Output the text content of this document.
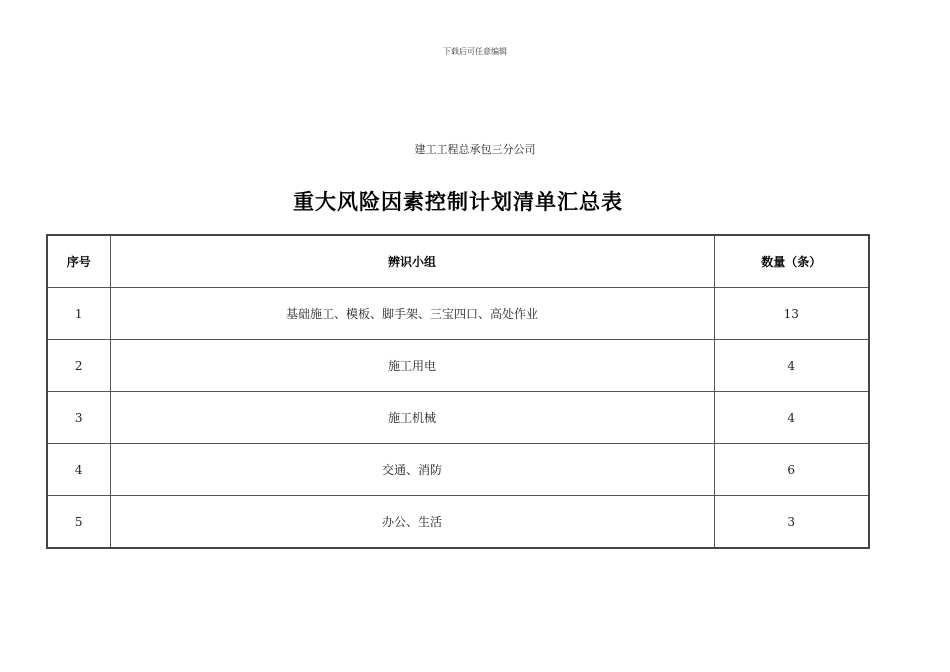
下载后可任意编辑
建工工程总承包三分公司
重大风险因素控制计划清单汇总表
序号	辨识小组	数量（条）
1	基础施工、模板、脚手架、三宝四口、高处作业	13
2	施工用电	4
3	施工机械	4
4	交通、消防	6
5	办公、生活	3
